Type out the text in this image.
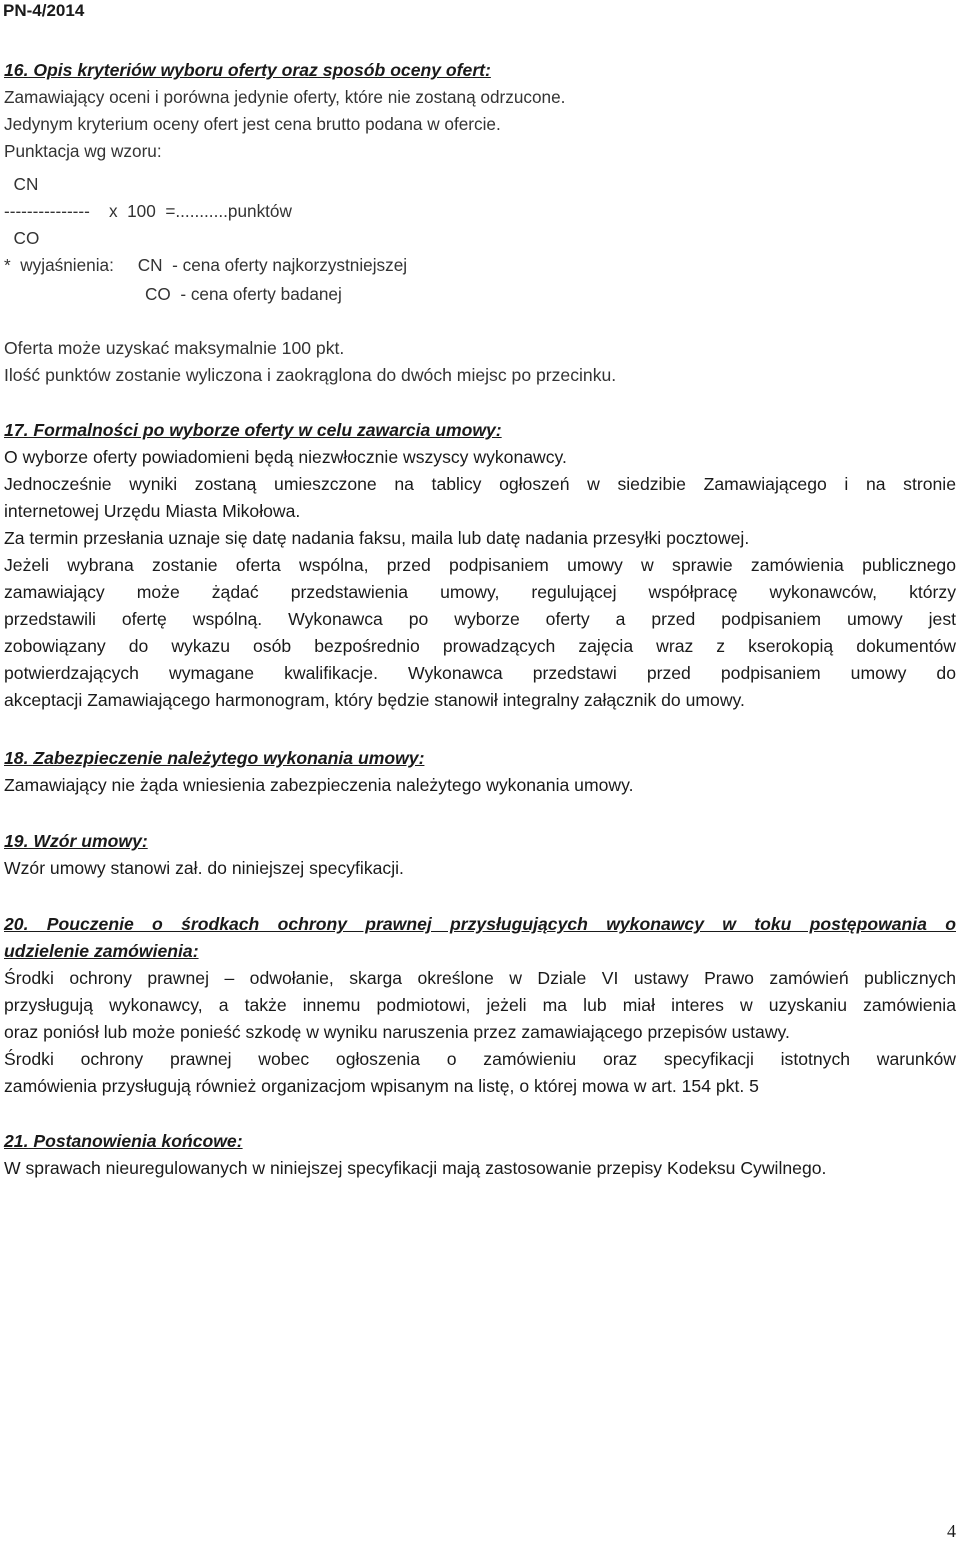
PN-4/2014
16. Opis kryteriów wyboru oferty oraz sposób oceny ofert:
Zamawiający oceni i porówna jedynie oferty, które nie zostaną odrzucone.
Jedynym kryterium oceny ofert jest cena brutto podana w ofercie.
Punktacja wg wzoru:
CN
---------------    x  100  =...........punktów
CO
*  wyjaśnienia:     CN  - cena oferty najkorzystniejszej
CO  - cena oferty badanej
Oferta może uzyskać maksymalnie 100 pkt.
Ilość punktów zostanie wyliczona i zaokrąglona do dwóch miejsc po przecinku.
17. Formalności po wyborze oferty w celu zawarcia umowy:
O wyborze oferty powiadomieni będą niezwłocznie wszyscy wykonawcy.
Jednocześnie wyniki zostaną umieszczone na tablicy ogłoszeń w siedzibie Zamawiającego i na stronie
internetowej Urzędu Miasta Mikołowa.
Za termin przesłania uznaje się datę nadania faksu, maila lub datę nadania przesyłki pocztowej.
Jeżeli wybrana zostanie oferta wspólna, przed podpisaniem umowy w sprawie zamówienia publicznego
zamawiający może żądać przedstawienia umowy, regulującej współpracę wykonawców, którzy
przedstawili ofertę wspólną. Wykonawca po wyborze oferty a przed podpisaniem umowy jest
zobowiązany do wykazu osób bezpośrednio prowadzących zajęcia wraz z kserokopią dokumentów
potwierdzających wymagane kwalifikacje. Wykonawca przedstawi przed podpisaniem umowy do
akceptacji Zamawiającego harmonogram, który będzie stanowił integralny załącznik do umowy.
18. Zabezpieczenie należytego wykonania umowy:
Zamawiający nie żąda wniesienia zabezpieczenia należytego wykonania umowy.
19. Wzór umowy:
Wzór umowy stanowi zał. do niniejszej specyfikacji.
20. Pouczenie o środkach ochrony prawnej przysługujących wykonawcy w toku postępowania o
udzielenie zamówienia:
Środki ochrony prawnej – odwołanie, skarga określone w Dziale VI ustawy Prawo zamówień publicznych
przysługują wykonawcy, a także innemu podmiotowi, jeżeli ma lub miał interes w uzyskaniu zamówienia
oraz poniósł lub może ponieść szkodę w wyniku naruszenia przez zamawiającego przepisów ustawy.
Środki ochrony prawnej wobec ogłoszenia o zamówieniu oraz specyfikacji istotnych warunków
zamówienia przysługują również organizacjom wpisanym na listę, o której mowa w art. 154 pkt. 5
21. Postanowienia końcowe:
W sprawach nieuregulowanych w niniejszej specyfikacji mają zastosowanie przepisy Kodeksu Cywilnego.
4
